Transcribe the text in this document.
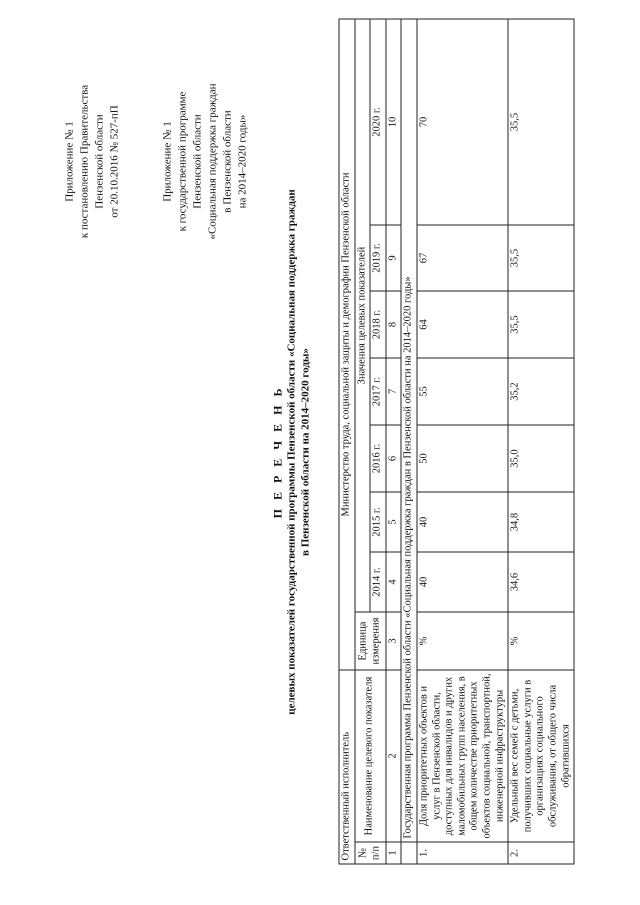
Приложение № 1 к постановлению Правительства Пензенской области от 20.10.2016 № 527-пП	Приложение № 1 к государственной программе Пензенской области «Социальная поддержка граждан в Пензенской области на 2014–2020 годы»
П Е Р Е Ч Е Н Ь целевых показателей государственной программы Пензенской области «Социальная поддержка граждан в Пензенской области на 2014–2020 годы»
Ответственный исполнитель		Министерство труда, социальной защиты и демографии Пензенской области							
№ п/п	Наименование целевого показателя	Единица измерения	Значения целевых показателей						
			2014 г.	2015 г.	2016 г.	2017 г.	2018 г.	2019 г.	2020 г.
1	2	3	4	5	6	7	8	9	10
	Государственная программа Пензенской области «Социальная поддержка граждан в Пензенской области на 2014–2020 годы»								
1.	Доля приоритетных объектов и услуг в Пензенской области, доступных для инвалидов и других маломобильных групп населения, в общем количестве приоритетных объектов социальной, транспортной, инженерной инфраструктуры	%	40	40	50	55	64	67	70
2.	Удельный вес семей с детьми, получивших социальные услуги в организациях социального обслуживания, от общего числа обратившихся	%	34,6	34,8	35,0	35,2	35,5	35,5	35,5
